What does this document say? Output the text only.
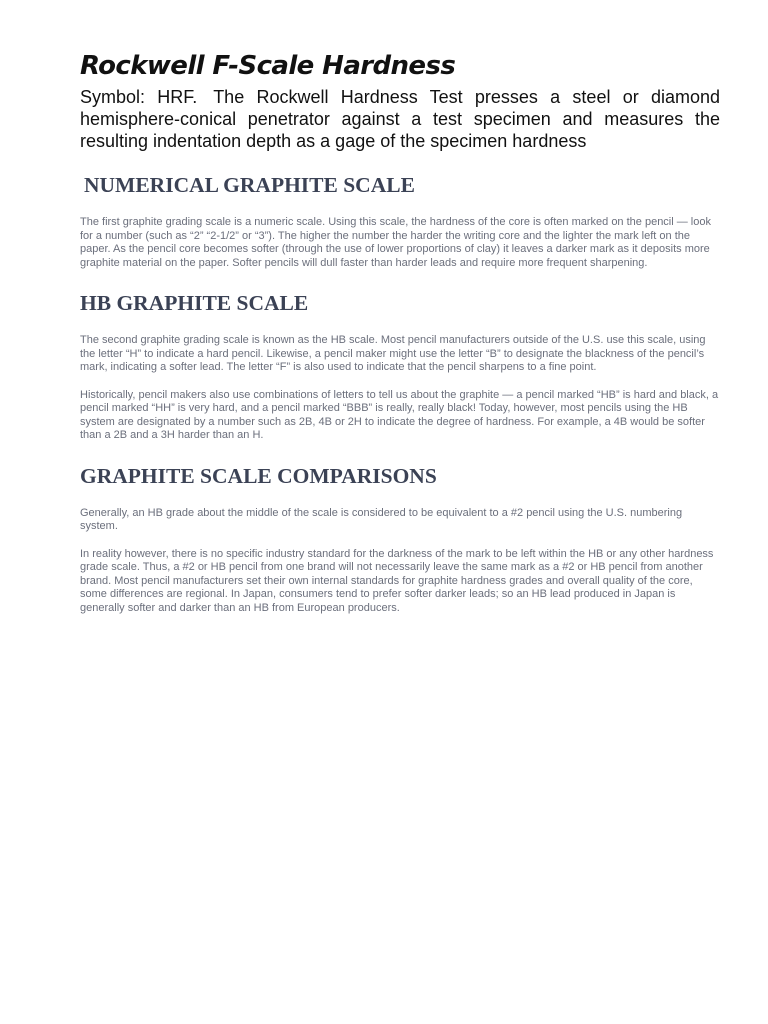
Rockwell F-Scale Hardness

Symbol: HRF. The Rockwell Hardness Test presses a steel or diamond hemisphere-conical penetrator against a test specimen and measures the resulting indentation depth as a gage of the specimen hardness

NUMERICAL GRAPHITE SCALE

The first graphite grading scale is a numeric scale. Using this scale, the hardness of the core is often marked on the pencil — look for a number (such as “2” “2-1/2” or “3”). The higher the number the harder the writing core and the lighter the mark left on the paper. As the pencil core becomes softer (through the use of lower proportions of clay) it leaves a darker mark as it deposits more graphite material on the paper. Softer pencils will dull faster than harder leads and require more frequent sharpening.

HB GRAPHITE SCALE

The second graphite grading scale is known as the HB scale. Most pencil manufacturers outside of the U.S. use this scale, using the letter “H” to indicate a hard pencil. Likewise, a pencil maker might use the letter “B” to designate the blackness of the pencil’s mark, indicating a softer lead. The letter “F” is also used to indicate that the pencil sharpens to a fine point.

Historically, pencil makers also use combinations of letters to tell us about the graphite — a pencil marked “HB” is hard and black, a pencil marked “HH” is very hard, and a pencil marked “BBB” is really, really black! Today, however, most pencils using the HB system are designated by a number such as 2B, 4B or 2H to indicate the degree of hardness. For example, a 4B would be softer than a 2B and a 3H harder than an H.

GRAPHITE SCALE COMPARISONS

Generally, an HB grade about the middle of the scale is considered to be equivalent to a #2 pencil using the U.S. numbering system.

In reality however, there is no specific industry standard for the darkness of the mark to be left within the HB or any other hardness grade scale. Thus, a #2 or HB pencil from one brand will not necessarily leave the same mark as a #2 or HB pencil from another brand. Most pencil manufacturers set their own internal standards for graphite hardness grades and overall quality of the core, some differences are regional. In Japan, consumers tend to prefer softer darker leads; so an HB lead produced in Japan is generally softer and darker than an HB from European producers.
